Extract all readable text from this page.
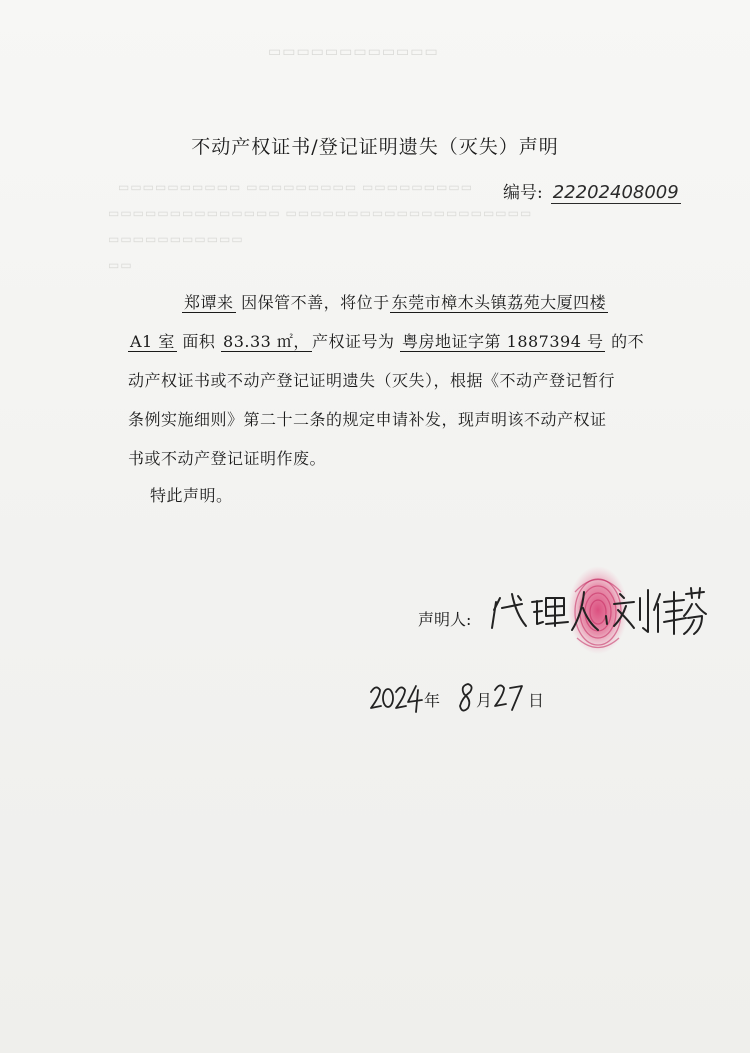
▭▭▭▭▭▭▭▭▭▭▭▭
▭▭▭▭▭▭▭▭▭▭ ▭▭▭▭▭▭▭▭▭ ▭▭▭▭▭▭▭▭▭
▭▭▭▭▭▭▭▭▭▭▭▭▭▭ ▭▭▭▭▭▭▭▭▭▭▭▭▭▭▭▭▭▭▭▭
▭▭▭▭▭▭▭▭▭▭▭
▭▭
不动产权证书/登记证明遗失（灭失）声明
编号: 22202408009
郑谭来 因保管不善，将位于 东莞市樟木头镇荔苑大厦四楼
A1 室 面积 83.33 ㎡， 产权证号为 粤房地证字第 1887394 号 的不
动产权证书或不动产登记证明遗失（灭失），根据《不动产登记暂行
条例实施细则》第二十二条的规定申请补发，现声明该不动产权证
书或不动产登记证明作废。
特此声明。
声明人:
年 月 日
